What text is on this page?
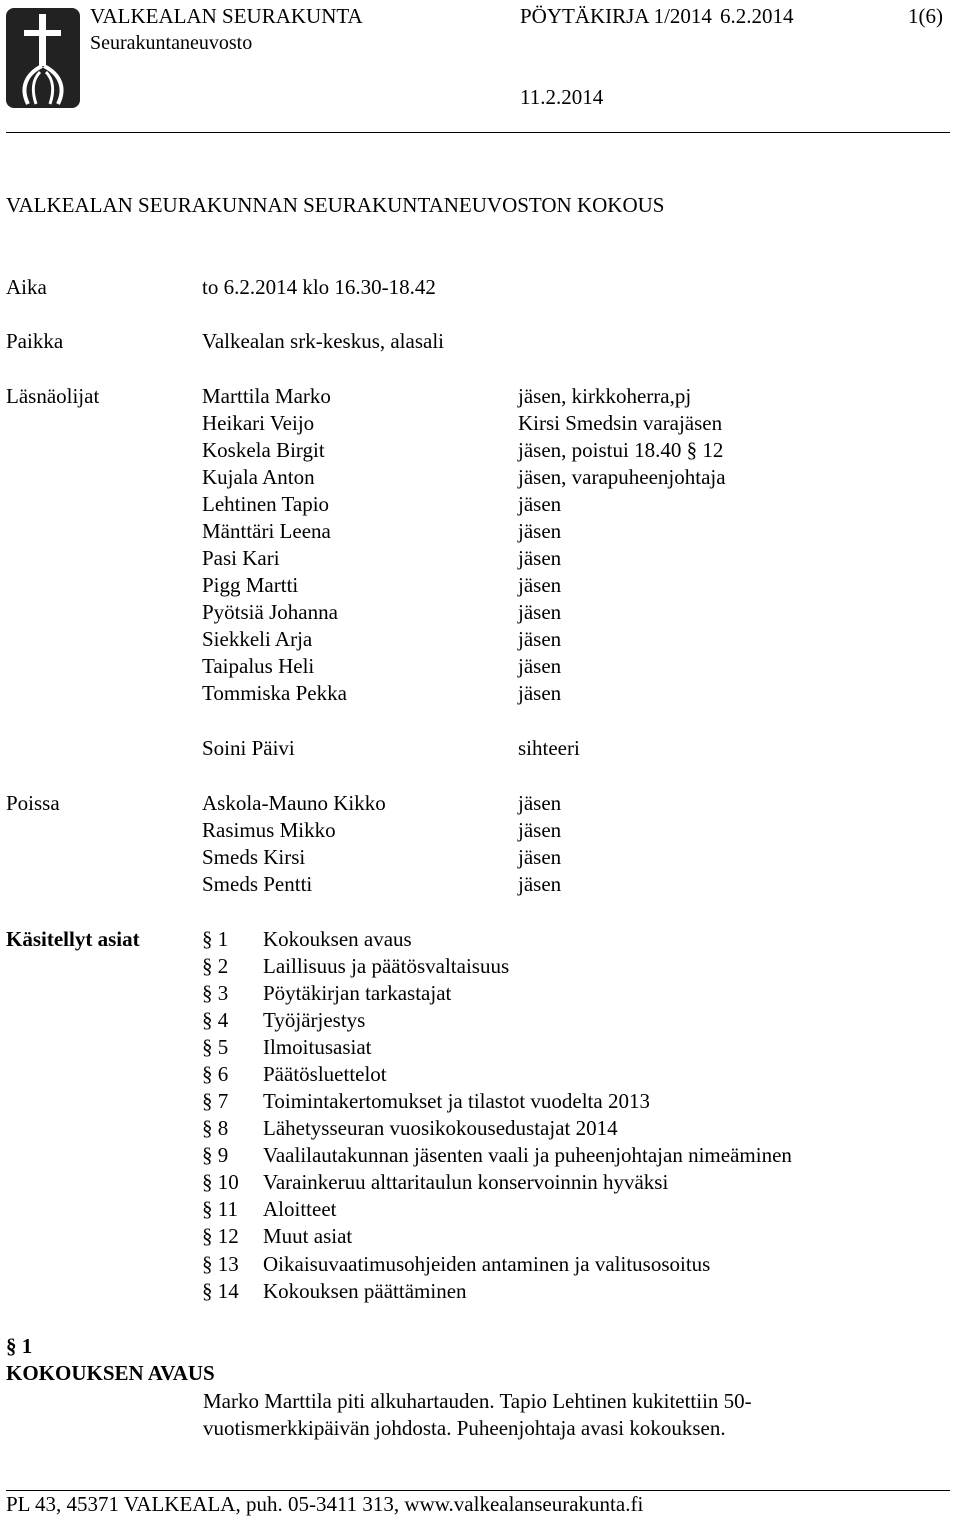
VALKEALAN SEURAKUNTA
Seurakuntaneuvosto
PÖYTÄKIRJA 1/2014 6.2.2014	1(6)
11.2.2014
VALKEALAN SEURAKUNNAN SEURAKUNTANEUVOSTON KOKOUS
Aika	to 6.2.2014 klo 16.30-18.42
Paikka	Valkealan srk-keskus, alasali
Läsnäolijat	Marttila Marko	jäsen, kirkkoherra,pj
Heikari Veijo	Kirsi Smedsin varajäsen
Koskela Birgit	jäsen, poistui 18.40 § 12
Kujala Anton	jäsen, varapuheenjohtaja
Lehtinen Tapio	jäsen
Mänttäri Leena	jäsen
Pasi Kari	jäsen
Pigg Martti	jäsen
Pyötsiä Johanna	jäsen
Siekkeli Arja	jäsen
Taipalus Heli	jäsen
Tommiska Pekka	jäsen
Soini Päivi	sihteeri
Poissa	Askola-Mauno Kikko	jäsen
Rasimus Mikko	jäsen
Smeds Kirsi	jäsen
Smeds Pentti	jäsen
Käsitellyt asiat	§ 1 Kokouksen avaus
§ 2 Laillisuus ja päätösvaltaisuus
§ 3 Pöytäkirjan tarkastajat
§ 4 Työjärjestys
§ 5 Ilmoitusasiat
§ 6 Päätösluettelot
§ 7 Toimintakertomukset ja tilastot vuodelta 2013
§ 8 Lähetysseuran vuosikokousedustajat 2014
§ 9 Vaalilautakunnan jäsenten vaali ja puheenjohtajan nimeäminen
§ 10 Varainkeruu alttaritaulun konservoinnin hyväksi
§ 11 Aloitteet
§ 12 Muut asiat
§ 13 Oikaisuvaatimusohjeiden antaminen ja valitusosoitus
§ 14 Kokouksen päättäminen
§ 1
KOKOUKSEN AVAUS
Marko Marttila piti alkuhartauden. Tapio Lehtinen kukitettiin 50-
vuotismerkkipäivän johdosta. Puheenjohtaja avasi kokouksen.
PL 43, 45371 VALKEALA, puh. 05-3411 313, www.valkealanseurakunta.fi
